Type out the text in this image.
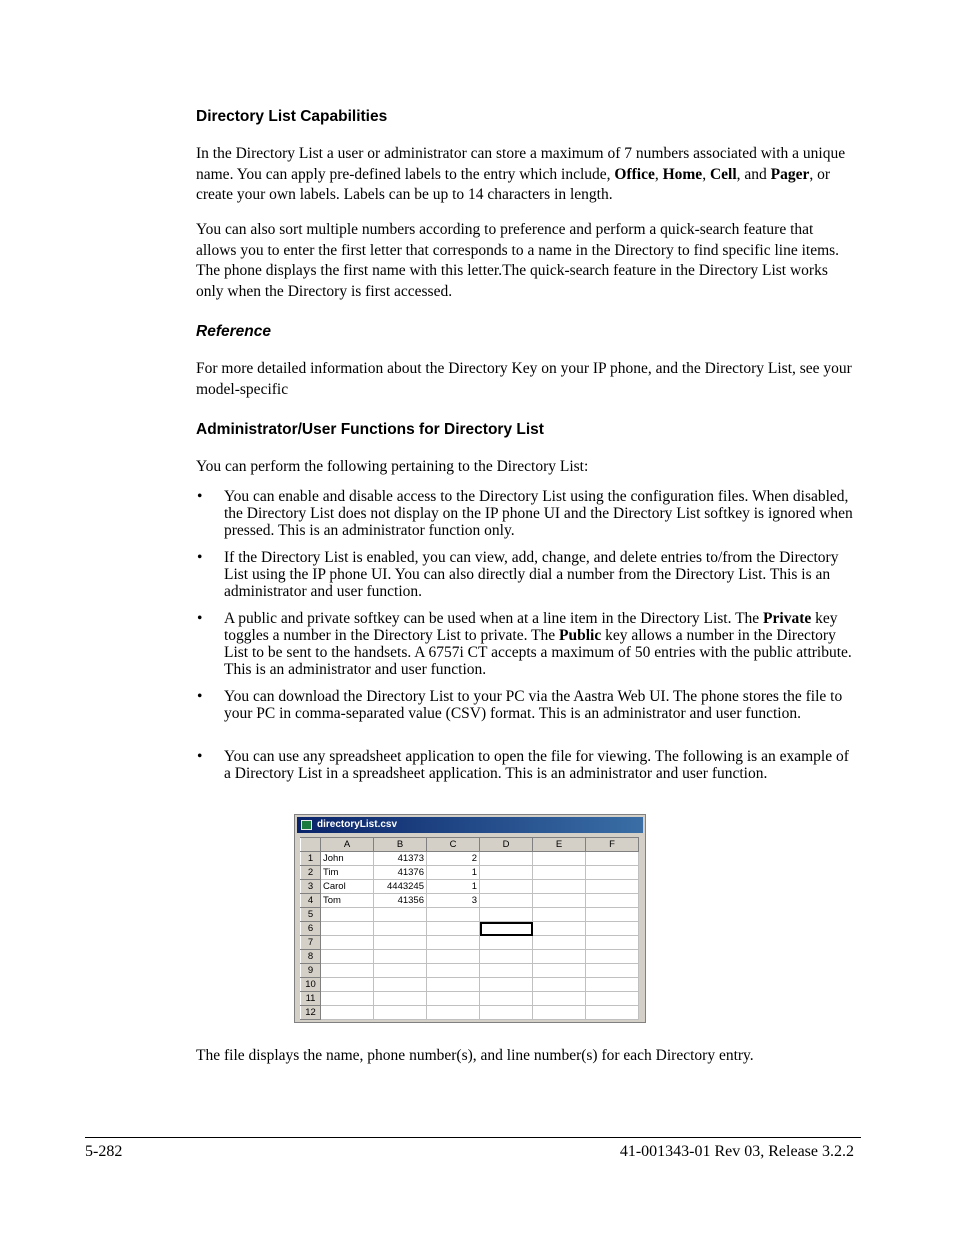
Directory List Capabilities
In the Directory List a user or administrator can store a maximum of 7 numbers associated with a unique name. You can apply pre-defined labels to the entry which include, Office, Home, Cell, and Pager, or create your own labels. Labels can be up to 14 characters in length.
You can also sort multiple numbers according to preference and perform a quick-search feature that allows you to enter the first letter that corresponds to a name in the Directory to find specific line items. The phone displays the first name with this letter.The quick-search feature in the Directory List works only when the Directory is first accessed.
Reference
For more detailed information about the Directory Key on your IP phone, and the Directory List, see your model-specific
Administrator/User Functions for Directory List
You can perform the following pertaining to the Directory List:
• You can enable and disable access to the Directory List using the configuration files. When disabled, the Directory List does not display on the IP phone UI and the Directory List softkey is ignored when pressed. This is an administrator function only.
• If the Directory List is enabled, you can view, add, change, and delete entries to/from the Directory List using the IP phone UI. You can also directly dial a number from the Directory List. This is an administrator and user function.
• A public and private softkey can be used when at a line item in the Directory List. The Private key toggles a number in the Directory List to private. The Public key allows a number in the Directory List to be sent to the handsets. A 6757i CT accepts a maximum of 50 entries with the public attribute. This is an administrator and user function.
• You can download the Directory List to your PC via the Aastra Web UI. The phone stores the file to your PC in comma-separated value (CSV) format. This is an administrator and user function.
• You can use any spreadsheet application to open the file for viewing. The following is an example of a Directory List in a spreadsheet application. This is an administrator and user function.
directoryList.csv
	A	B	C	D	E	F
1	John	41373	2			
2	Tim	41376	1			
3	Carol	4443245	1			
4	Tom	41356	3			
5						
6						
7						
8						
9						
10						
11						
12						
The file displays the name, phone number(s), and line number(s) for each Directory entry.
5-282	41-001343-01 Rev 03, Release 3.2.2
